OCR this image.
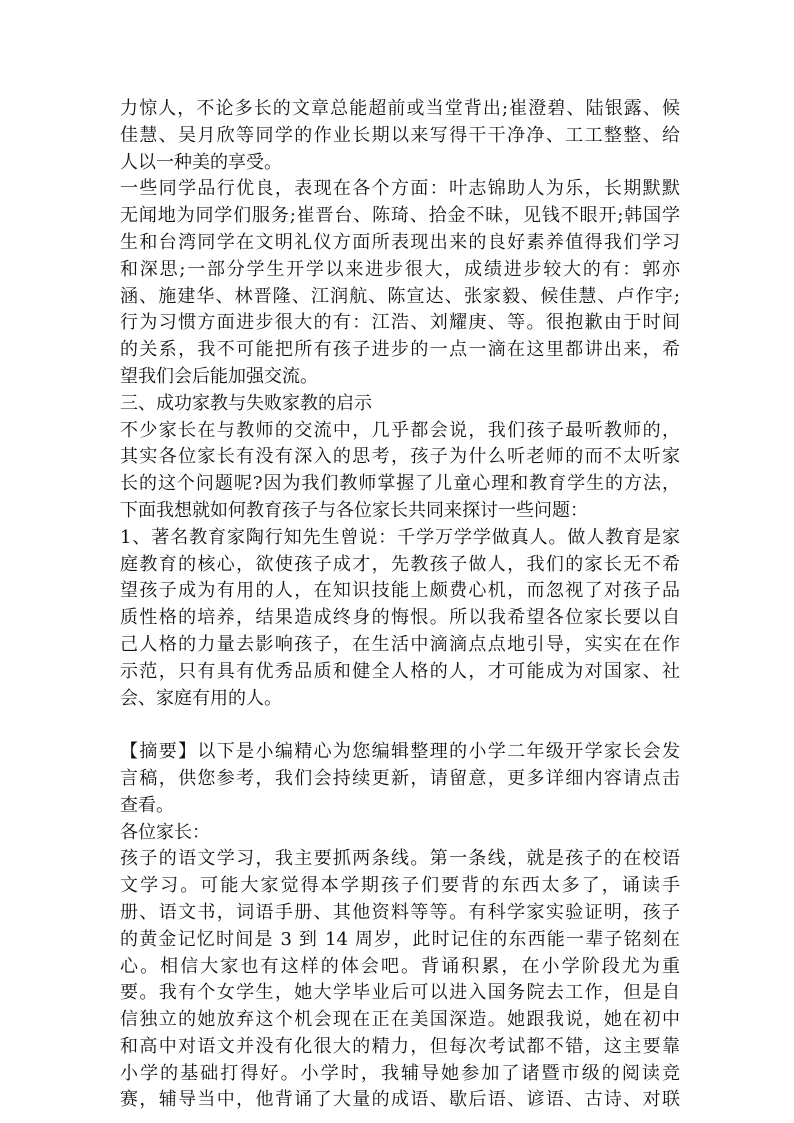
力惊人，不论多长的文章总能超前或当堂背出;崔澄碧、陆银露、候
佳慧、吴月欣等同学的作业长期以来写得干干净净、工工整整、给
人以一种美的享受。
一些同学品行优良，表现在各个方面：叶志锦助人为乐，长期默默
无闻地为同学们服务;崔晋台、陈琦、拾金不昧，见钱不眼开;韩国学
生和台湾同学在文明礼仪方面所表现出来的良好素养值得我们学习
和深思;一部分学生开学以来进步很大，成绩进步较大的有：郭亦
涵、施建华、林晋隆、江润航、陈宣达、张家毅、候佳慧、卢作宇;
行为习惯方面进步很大的有：江浩、刘耀庚、等。很抱歉由于时间
的关系，我不可能把所有孩子进步的一点一滴在这里都讲出来，希
望我们会后能加强交流。
三、成功家教与失败家教的启示
不少家长在与教师的交流中，几乎都会说，我们孩子最听教师的，
其实各位家长有没有深入的思考，孩子为什么听老师的而不太听家
长的这个问题呢?因为我们教师掌握了儿童心理和教育学生的方法，
下面我想就如何教育孩子与各位家长共同来探讨一些问题：
1、著名教育家陶行知先生曾说：千学万学学做真人。做人教育是家
庭教育的核心，欲使孩子成才，先教孩子做人，我们的家长无不希
望孩子成为有用的人，在知识技能上颇费心机，而忽视了对孩子品
质性格的培养，结果造成终身的悔恨。所以我希望各位家长要以自
己人格的力量去影响孩子，在生活中滴滴点点地引导，实实在在作
示范，只有具有优秀品质和健全人格的人，才可能成为对国家、社
会、家庭有用的人。
【摘要】以下是小编精心为您编辑整理的小学二年级开学家长会发
言稿，供您参考，我们会持续更新，请留意，更多详细内容请点击
查看。
各位家长：
孩子的语文学习，我主要抓两条线。第一条线，就是孩子的在校语
文学习。可能大家觉得本学期孩子们要背的东西太多了，诵读手
册、语文书，词语手册、其他资料等等。有科学家实验证明，孩子
的黄金记忆时间是 3 到 14 周岁，此时记住的东西能一辈子铭刻在
心。相信大家也有这样的体会吧。背诵积累，在小学阶段尤为重
要。我有个女学生，她大学毕业后可以进入国务院去工作，但是自
信独立的她放弃这个机会现在正在美国深造。她跟我说，她在初中
和高中对语文并没有化很大的精力，但每次考试都不错，这主要靠
小学的基础打得好。小学时，我辅导她参加了诸暨市级的阅读竞
赛，辅导当中，他背诵了大量的成语、歇后语、谚语、古诗、对联
